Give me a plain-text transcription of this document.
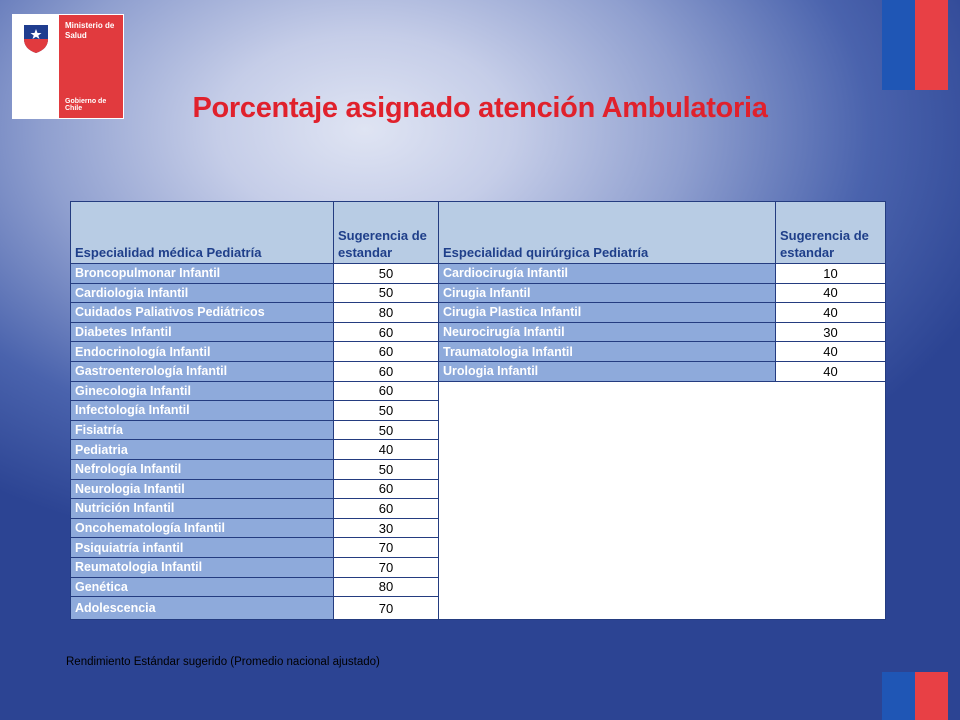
Ministerio de Salud
Gobierno de Chile	Porcentaje asignado atención Ambulatoria
Especialidad médica Pediatría	Sugerencia de estandar	Especialidad quirúrgica Pediatría	Sugerencia de estandar
Broncopulmonar Infantil	50	Cardiocirugía Infantil	10
Cardiologia Infantil	50	Cirugia Infantil	40
Cuidados Paliativos Pediátricos	80	Cirugia Plastica Infantil	40
Diabetes Infantil	60	Neurocirugía Infantil	30
Endocrinología Infantil	60	Traumatologia Infantil	40
Gastroenterología Infantil	60	Urologia Infantil	40
Ginecologia Infantil	60		
Infectología Infantil	50		
Fisiatría	50		
Pediatria	40		
Nefrología Infantil	50		
Neurologia Infantil	60		
Nutrición Infantil	60		
Oncohematología Infantil	30		
Psiquiatría infantil	70		
Reumatologia Infantil	70		
Genética	80		
Adolescencia	70		
Rendimiento Estándar sugerido (Promedio nacional ajustado)
